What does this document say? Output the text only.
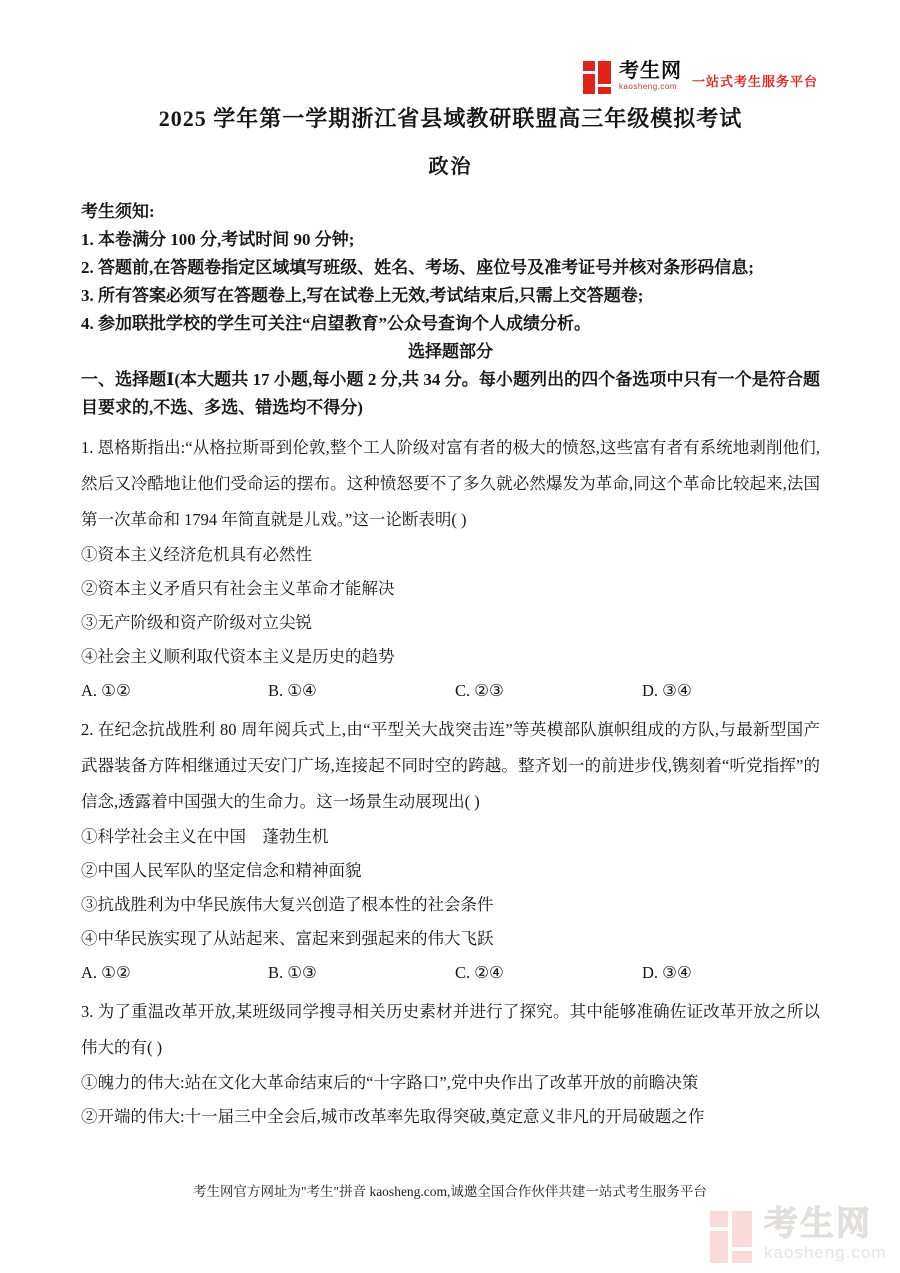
考生网
kaosheng.com	一站式考生服务平台
2025 学年第一学期浙江省县域教研联盟高三年级模拟考试
政治

考生须知:

1. 本卷满分 100 分,考试时间 90 分钟;

2. 答题前,在答题卷指定区域填写班级、姓名、考场、座位号及准考证号并核对条形码信息;

3. 所有答案必须写在答题卷上,写在试卷上无效,考试结束后,只需上交答题卷;

4. 参加联批学校的学生可关注“启望教育”公众号查询个人成绩分析。

选择题部分

一、选择题Ⅰ(本大题共 17 小题,每小题 2 分,共 34 分。每小题列出的四个备选项中只有一个是符合题目要求的,不选、多选、错选均不得分)

1. 恩格斯指出:“从格拉斯哥到伦敦,整个工人阶级对富有者的极大的愤怒,这些富有者有系统地剥削他们,然后又冷酷地让他们受命运的摆布。这种愤怒要不了多久就必然爆发为革命,同这个革命比较起来,法国第一次革命和 1794 年简直就是儿戏。”这一论断表明( )

①资本主义经济危机具有必然性

②资本主义矛盾只有社会主义革命才能解决

③无产阶级和资产阶级对立尖锐

④社会主义顺利取代资本主义是历史的趋势

A. ①②	B. ①④	C. ②③	D. ③④

2. 在纪念抗战胜利 80 周年阅兵式上,由“平型关大战突击连”等英模部队旗帜组成的方队,与最新型国产武器装备方阵相继通过天安门广场,连接起不同时空的跨越。整齐划一的前进步伐,镌刻着“听党指挥”的信念,透露着中国强大的生命力。这一场景生动展现出( )

①科学社会主义在中国　蓬勃生机

②中国人民军队的坚定信念和精神面貌

③抗战胜利为中华民族伟大复兴创造了根本性的社会条件

④中华民族实现了从站起来、富起来到强起来的伟大飞跃

A. ①②	B. ①③	C. ②④	D. ③④

3. 为了重温改革开放,某班级同学搜寻相关历史素材并进行了探究。其中能够准确佐证改革开放之所以伟大的有( )

①魄力的伟大:站在文化大革命结束后的“十字路口”,党中央作出了改革开放的前瞻决策

②开端的伟大:十一届三中全会后,城市改革率先取得突破,奠定意义非凡的开局破题之作

考生网官方网址为"考生"拼音 kaosheng.com,诚邀全国合作伙伴共建一站式考生服务平台
考生网
kaosheng.com
